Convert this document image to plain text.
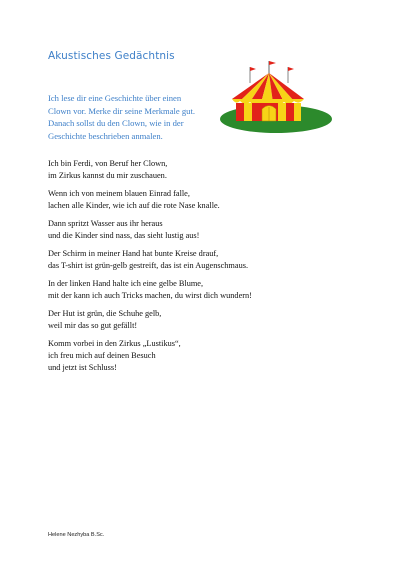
Akustisches Gedächtnis
Ich lese dir eine Geschichte über einen
Clown vor. Merke dir seine Merkmale gut.
Danach sollst du den Clown, wie in der
Geschichte beschrieben anmalen.
Ich bin Ferdi, von Beruf her Clown,
im Zirkus kannst du mir zuschauen.
Wenn ich von meinem blauen Einrad falle,
lachen alle Kinder, wie ich auf die rote Nase knalle.
Dann spritzt Wasser aus ihr heraus
und die Kinder sind nass, das sieht lustig aus!
Der Schirm in meiner Hand hat bunte Kreise drauf,
das T-shirt ist grün-gelb gestreift, das ist ein Augenschmaus.
In der linken Hand halte ich eine gelbe Blume,
mit der kann ich auch Tricks machen, du wirst dich wundern!
Der Hut ist grün, die Schuhe gelb,
weil mir das so gut gefällt!
Komm vorbei in den Zirkus „Lustikus“,
ich freu mich auf deinen Besuch
und jetzt ist Schluss!
Helene Nezhyba B.Sc.
